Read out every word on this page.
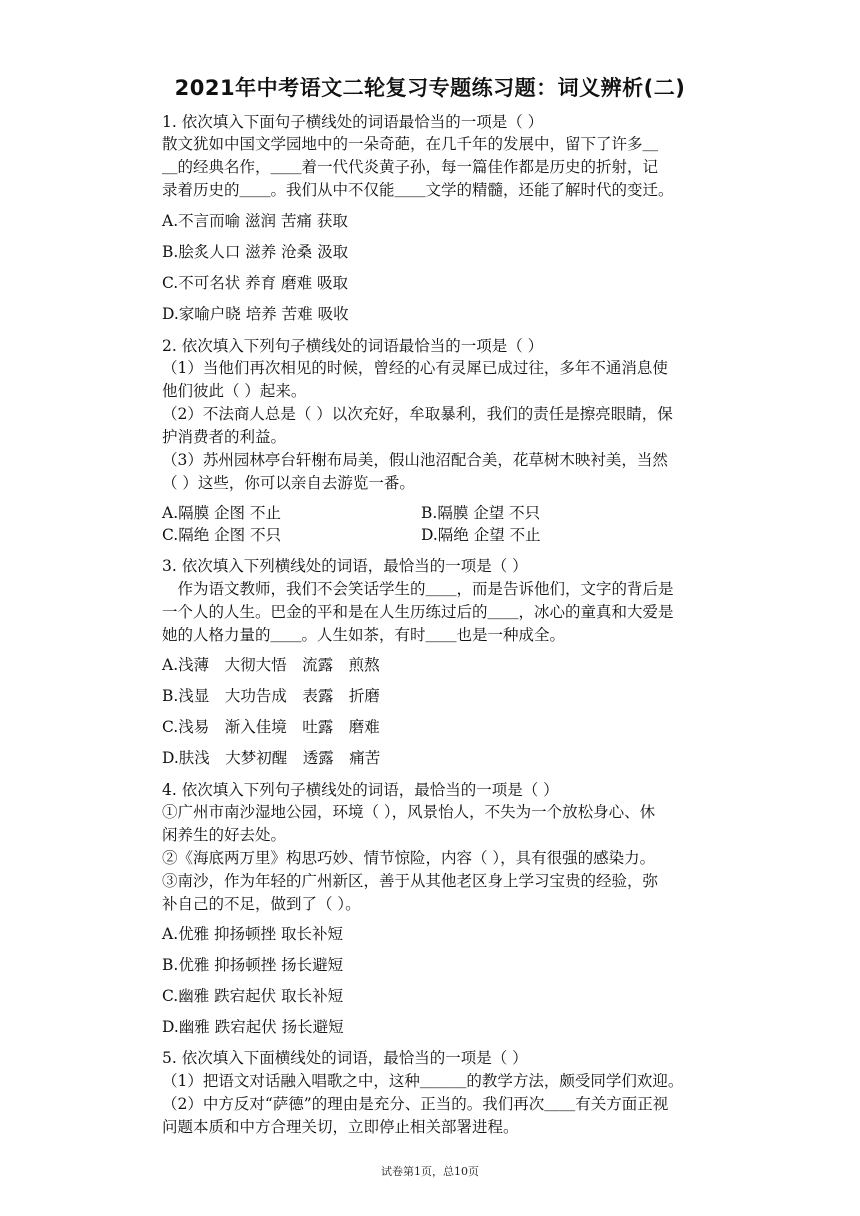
2021年中考语文二轮复习专题练习题：词义辨析(二)
1. 依次填入下面句子横线处的词语最恰当的一项是（ ）
散文犹如中国文学园地中的一朵奇葩，在几千年的发展中，留下了许多＿
＿的经典名作，＿＿着一代代炎黄子孙，每一篇佳作都是历史的折射，记
录着历史的＿＿。我们从中不仅能＿＿文学的精髓，还能了解时代的变迁。
A.不言而喻 滋润 苦痛 获取
B.脍炙人口 滋养 沧桑 汲取
C.不可名状 养育 磨难 吸取
D.家喻户晓 培养 苦难 吸收
2. 依次填入下列句子横线处的词语最恰当的一项是（ ）
（1）当他们再次相见的时候，曾经的心有灵犀已成过往，多年不通消息使
他们彼此（ ）起来。
（2）不法商人总是（ ）以次充好，牟取暴利，我们的责任是擦亮眼睛，保
护消费者的利益。
（3）苏州园林亭台轩榭布局美，假山池沼配合美，花草树木映衬美，当然
（ ）这些，你可以亲自去游览一番。
A.隔膜 企图 不止	B.隔膜 企望 不只
C.隔绝 企图 不只	D.隔绝 企望 不止
3. 依次填入下列横线处的词语，最恰当的一项是（ ）
　作为语文教师，我们不会笑话学生的＿＿，而是告诉他们，文字的背后是
一个人的人生。巴金的平和是在人生历练过后的＿＿，冰心的童真和大爱是
她的人格力量的＿＿。人生如茶，有时＿＿也是一种成全。
A.浅薄　大彻大悟　流露　煎熬
B.浅显　大功告成　表露　折磨
C.浅易　渐入佳境　吐露　磨难
D.肤浅　大梦初醒　透露　痛苦
4. 依次填入下列句子横线处的词语，最恰当的一项是（ ）
①广州市南沙湿地公园，环境（ ），风景怡人，不失为一个放松身心、休
闲养生的好去处。
②《海底两万里》构思巧妙、情节惊险，内容（ ），具有很强的感染力。
③南沙，作为年轻的广州新区，善于从其他老区身上学习宝贵的经验，弥
补自己的不足，做到了（ ）。
A.优雅 抑扬顿挫 取长补短
B.优雅 抑扬顿挫 扬长避短
C.幽雅 跌宕起伏 取长补短
D.幽雅 跌宕起伏 扬长避短
5. 依次填入下面横线处的词语，最恰当的一项是（ ）
（1）把语文对话融入唱歌之中，这种＿＿＿的教学方法，颇受同学们欢迎。
（2）中方反对“萨德”的理由是充分、正当的。我们再次＿＿有关方面正视
问题本质和中方合理关切，立即停止相关部署进程。
试卷第1页，总10页
